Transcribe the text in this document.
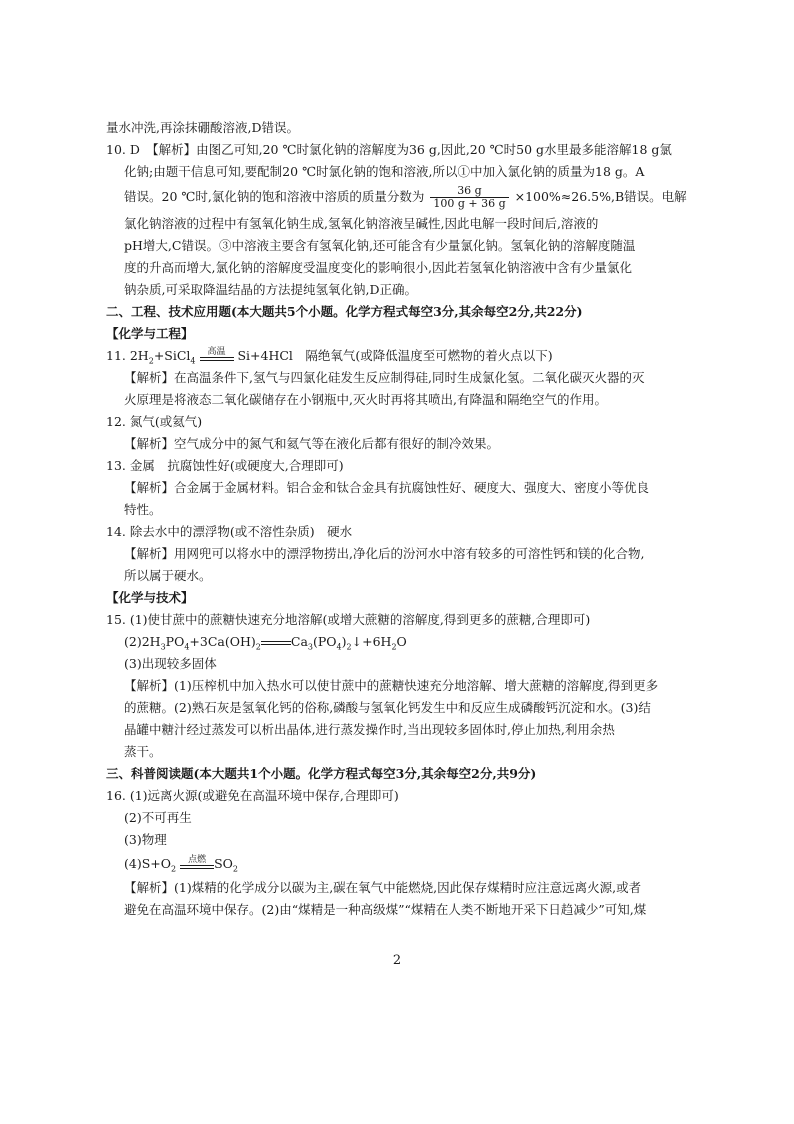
量水冲洗,再涂抹硼酸溶液,D错误。
10. D　【解析】由图乙可知,20 ℃时氯化钠的溶解度为36 g,因此,20 ℃时50 g水里最多能溶解18 g氯
化钠;由题干信息可知,要配制20 ℃时氯化钠的饱和溶液,所以①中加入氯化钠的质量为18 g。A
错误。20 ℃时,氯化钠的饱和溶液中溶质的质量分数为 $\frac{36 g}{100 g + 36 g} \times 100\%\approx 26.5\%,B$错误。电解
氯化钠溶液的过程中有氢氧化钠生成,氢氧化钠溶液呈碱性,因此电解一段时间后,溶液的
pH增大,C错误。③中溶液主要含有氢氧化钠,还可能含有少量氯化钠。氢氧化钠的溶解度随温
度的升高而增大,氯化钠的溶解度受温度变化的影响很小,因此若氢氧化钠溶液中含有少量氯化
钠杂质,可采取降温结晶的方法提纯氢氧化钠,D正确。
二、工程、技术应用题(本大题共5个小题。化学方程式每空3分,其余每空2分,共22分)
【化学与工程】
11. $2H_2+SiCl_4$
高温 Si+4HCl　隔绝氧气(或降低温度至可燃物的着火点以下)
【解析】在高温条件下,氢气与四氯化硅发生反应制得硅,同时生成氯化氢。二氧化碳灭火器的灭
火原理是将液态二氧化碳储存在小钢瓶中,灭火时再将其喷出,有降温和隔绝空气的作用。
12. 氮气(或氦气)
【解析】空气成分中的氮气和氦气等在液化后都有很好的制冷效果。
13. 金属　抗腐蚀性好(或硬度大,合理即可)
【解析】合金属于金属材料。铝合金和钛合金具有抗腐蚀性好、硬度大、强度大、密度小等优良
特性。
14. 除去水中的漂浮物(或不溶性杂质)　硬水
【解析】用网兜可以将水中的漂浮物捞出,净化后的汾河水中溶有较多的可溶性钙和镁的化合物,
所以属于硬水。
【化学与技术】
15. (1)使甘蔗中的蔗糖快速充分地溶解(或增大蔗糖的溶解度,得到更多的蔗糖,合理即可)
$(2)2H_3PO_4+3Ca(OH)_2$ $Ca_3(PO_4)_2↓+6H_2O$
(3)出现较多固体
【解析】(1)压榨机中加入热水可以使甘蔗中的蔗糖快速充分地溶解、增大蔗糖的溶解度,得到更多
的蔗糖。(2)熟石灰是氢氧化钙的俗称,磷酸与氢氧化钙发生中和反应生成磷酸钙沉淀和水。(3)结
晶罐中糖汁经过蒸发可以析出晶体,进行蒸发操作时,当出现较多固体时,停止加热,利用余热
蒸干。
三、科普阅读题(本大题共1个小题。化学方程式每空3分,其余每空2分,共9分)
16. (1)远离火源(或避免在高温环境中保存,合理即可)
(2)不可再生
(3)物理
$(4)S+O_2$
点燃 $SO_2$
【解析】(1)煤精的化学成分以碳为主,碳在氧气中能燃烧,因此保存煤精时应注意远离火源,或者
避免在高温环境中保存。(2)由“煤精是一种高级煤”“煤精在人类不断地开采下日趋减少”可知,煤
2
